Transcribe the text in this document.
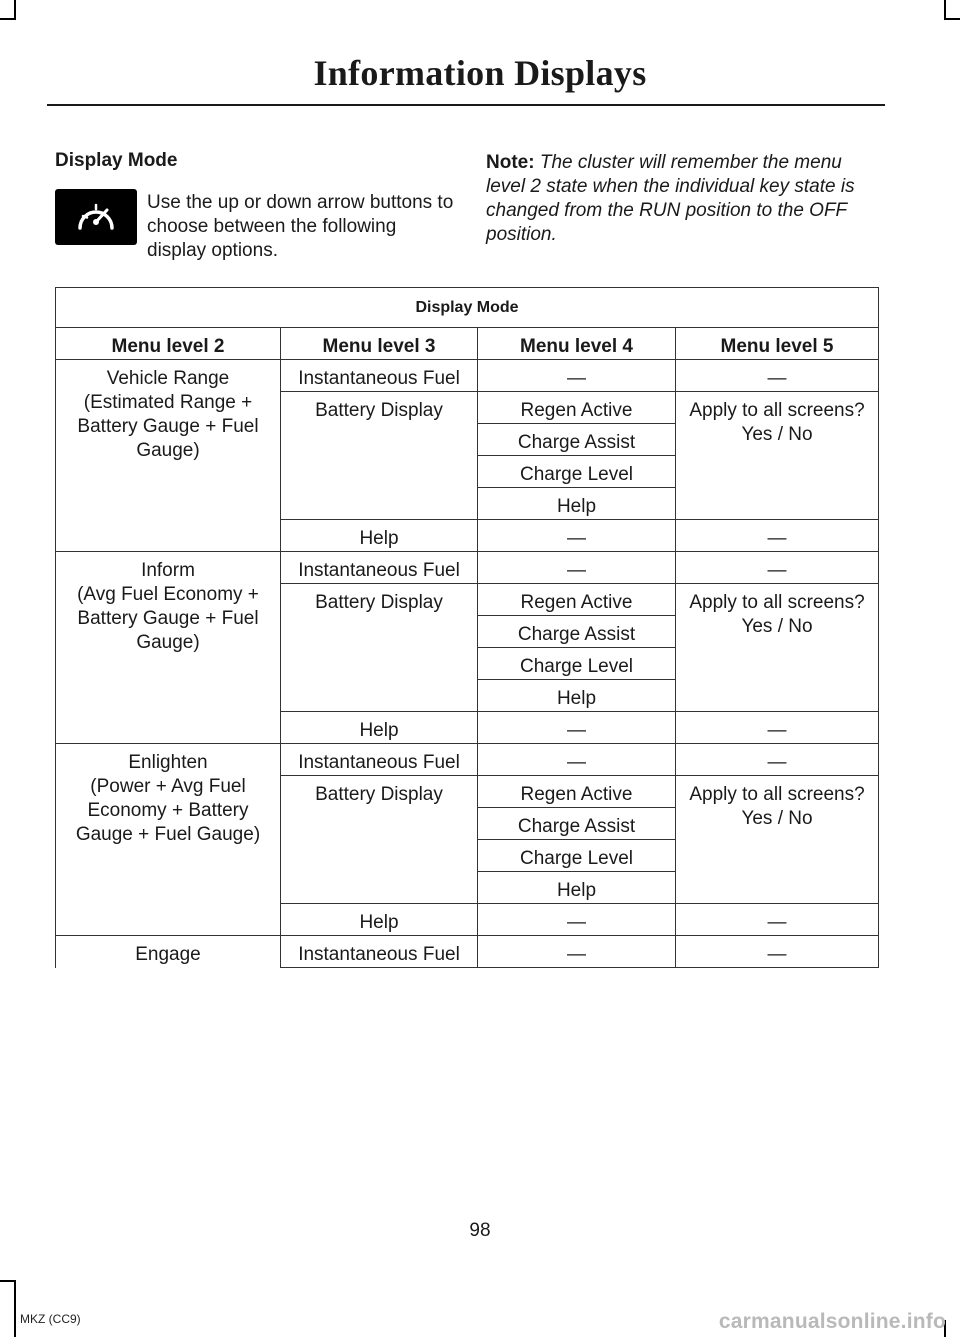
Information Displays
Display Mode
Use the up or down arrow buttons to choose between the following display options.
Note: The cluster will remember the menu level 2 state when the individual key state is changed from the RUN position to the OFF position.
Display Mode			
Menu level 2	Menu level 3	Menu level 4	Menu level 5

Vehicle Range
(Estimated Range + Battery Gauge + Fuel Gauge)	Instantaneous Fuel	—	—
	Battery Display	Regen Active	Apply to all screens?
Yes / No

		Charge Assist	
		Charge Level	
		Help	
	Help	—	—

Inform
(Avg Fuel Economy + Battery Gauge + Fuel Gauge)	Instantaneous Fuel	—	—
	Battery Display	Regen Active	Apply to all screens?
Yes / No

		Charge Assist	
		Charge Level	
		Help	
	Help	—	—

Enlighten
(Power + Avg Fuel Economy + Battery Gauge + Fuel Gauge)	Instantaneous Fuel	—	—
	Battery Display	Regen Active	Apply to all screens?
Yes / No

		Charge Assist	
		Charge Level	
		Help	
	Help	—	—
Engage	Instantaneous Fuel	—	—
98
MKZ (CC9)	carmanualsonline.info
